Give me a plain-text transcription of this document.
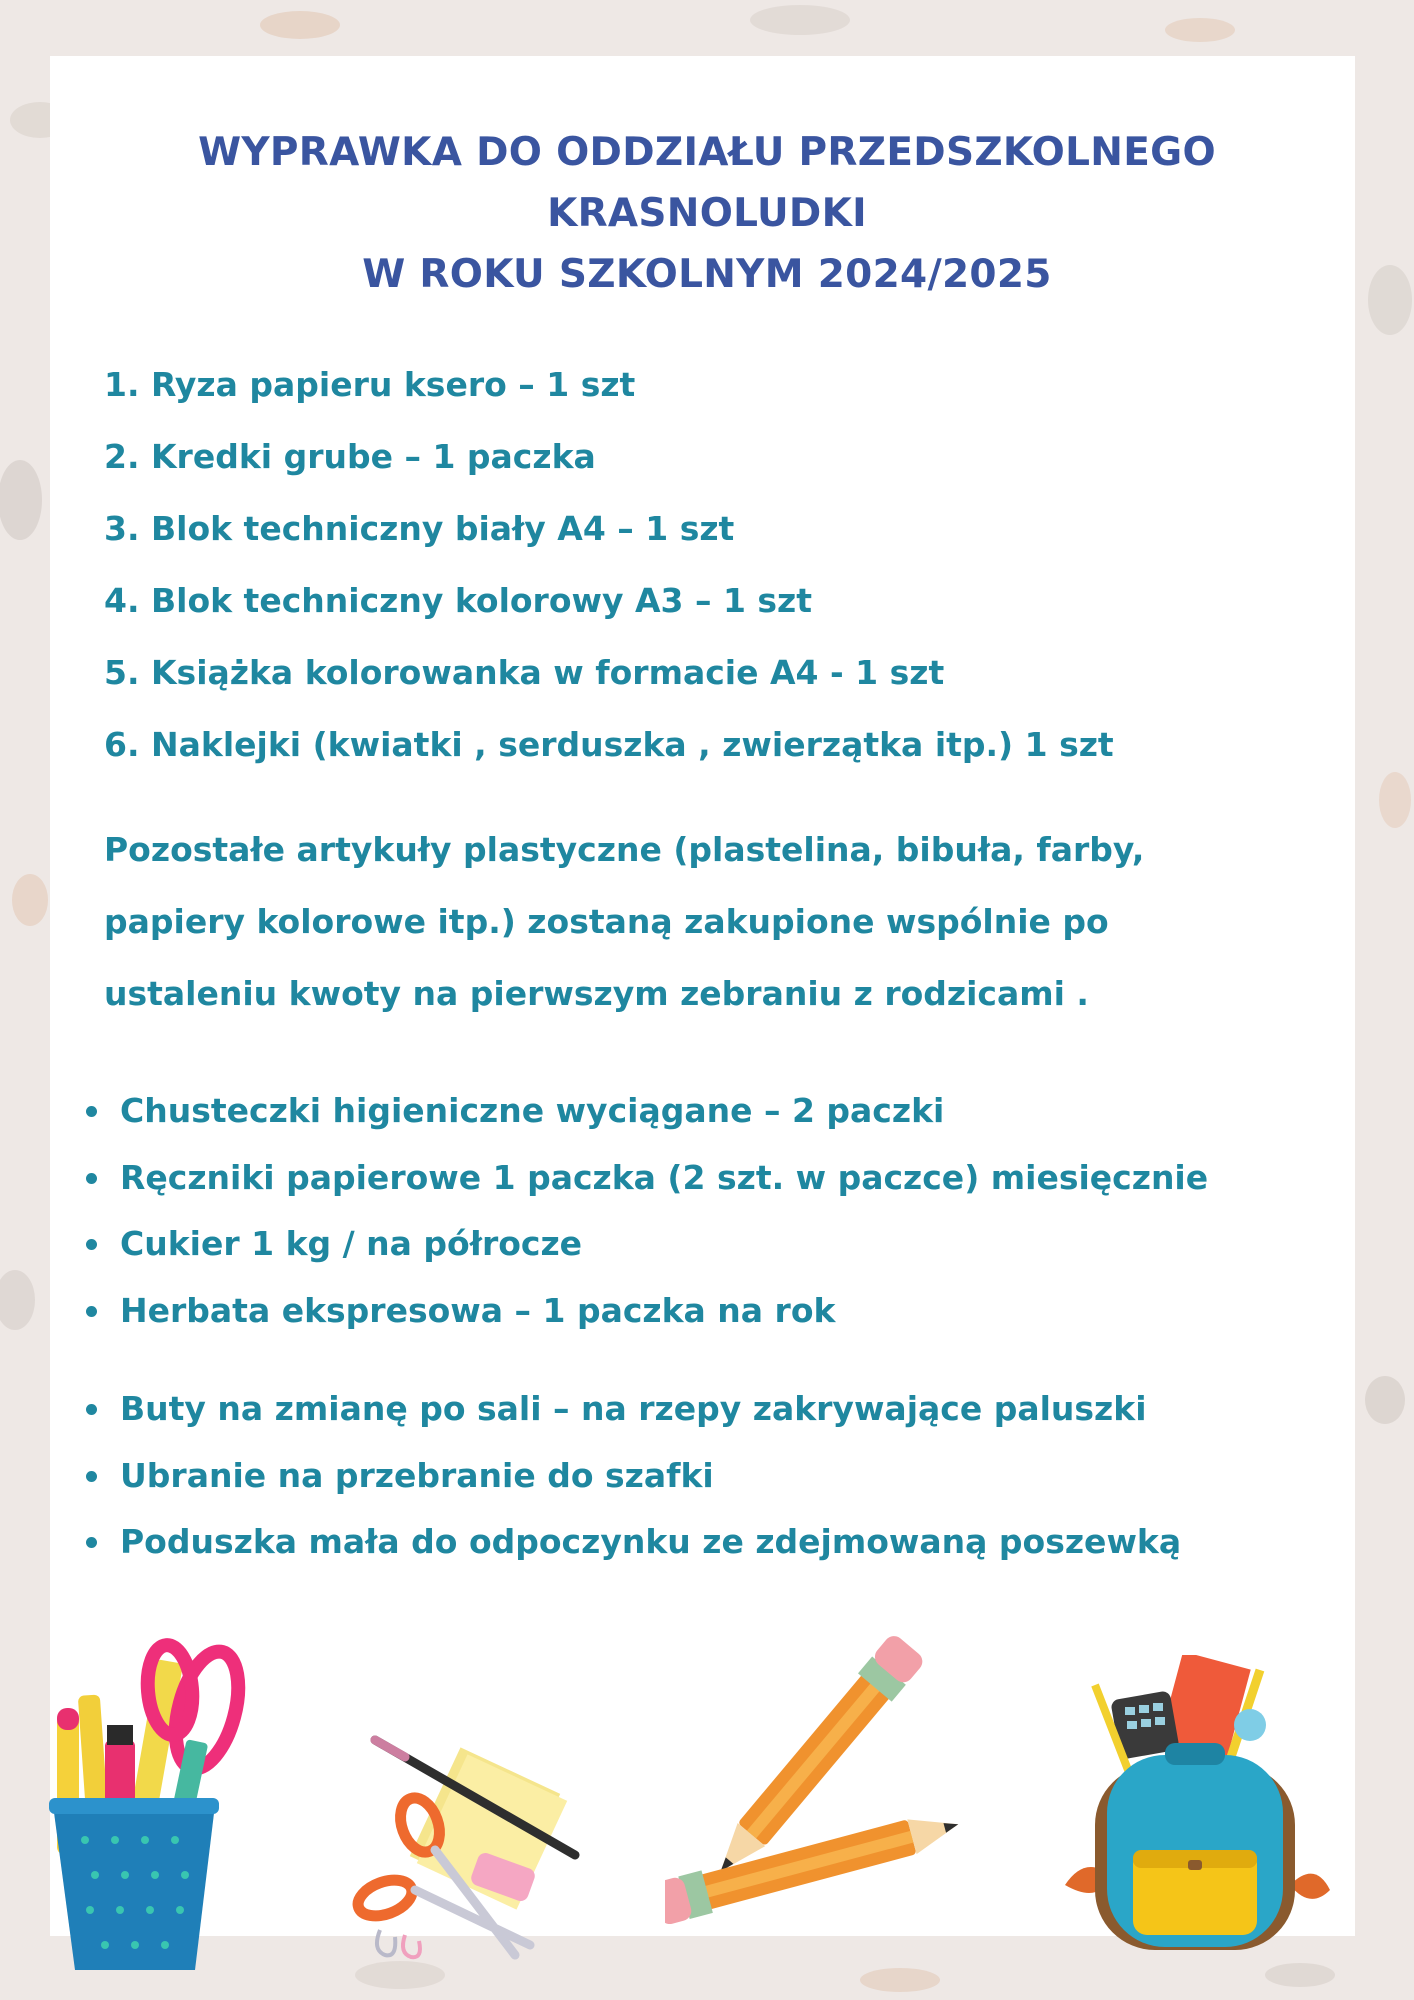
WYPRAWKA DO ODDZIAŁU PRZEDSZKOLNEGO
KRASNOLUDKI
W ROKU SZKOLNYM 2024/2025
1. Ryza papieru ksero – 1 szt
2. Kredki grube – 1 paczka
3. Blok techniczny biały A4 – 1 szt
4. Blok techniczny kolorowy A3 – 1 szt
5. Książka kolorowanka w formacie A4 - 1 szt
6. Naklejki (kwiatki , serduszka , zwierzątka itp.) 1 szt
Pozostałe artykuły plastyczne (plastelina, bibuła, farby,
papiery kolorowe itp.) zostaną zakupione wspólnie po
ustaleniu kwoty na pierwszym zebraniu z rodzicami .
Chusteczki higieniczne wyciągane – 2 paczki
Ręczniki papierowe 1 paczka (2 szt. w paczce) miesięcznie
Cukier 1 kg / na półrocze
Herbata ekspresowa – 1 paczka na rok
Buty na zmianę po sali – na rzepy zakrywające paluszki
Ubranie na przebranie do szafki
Poduszka mała do odpoczynku ze zdejmowaną poszewką
